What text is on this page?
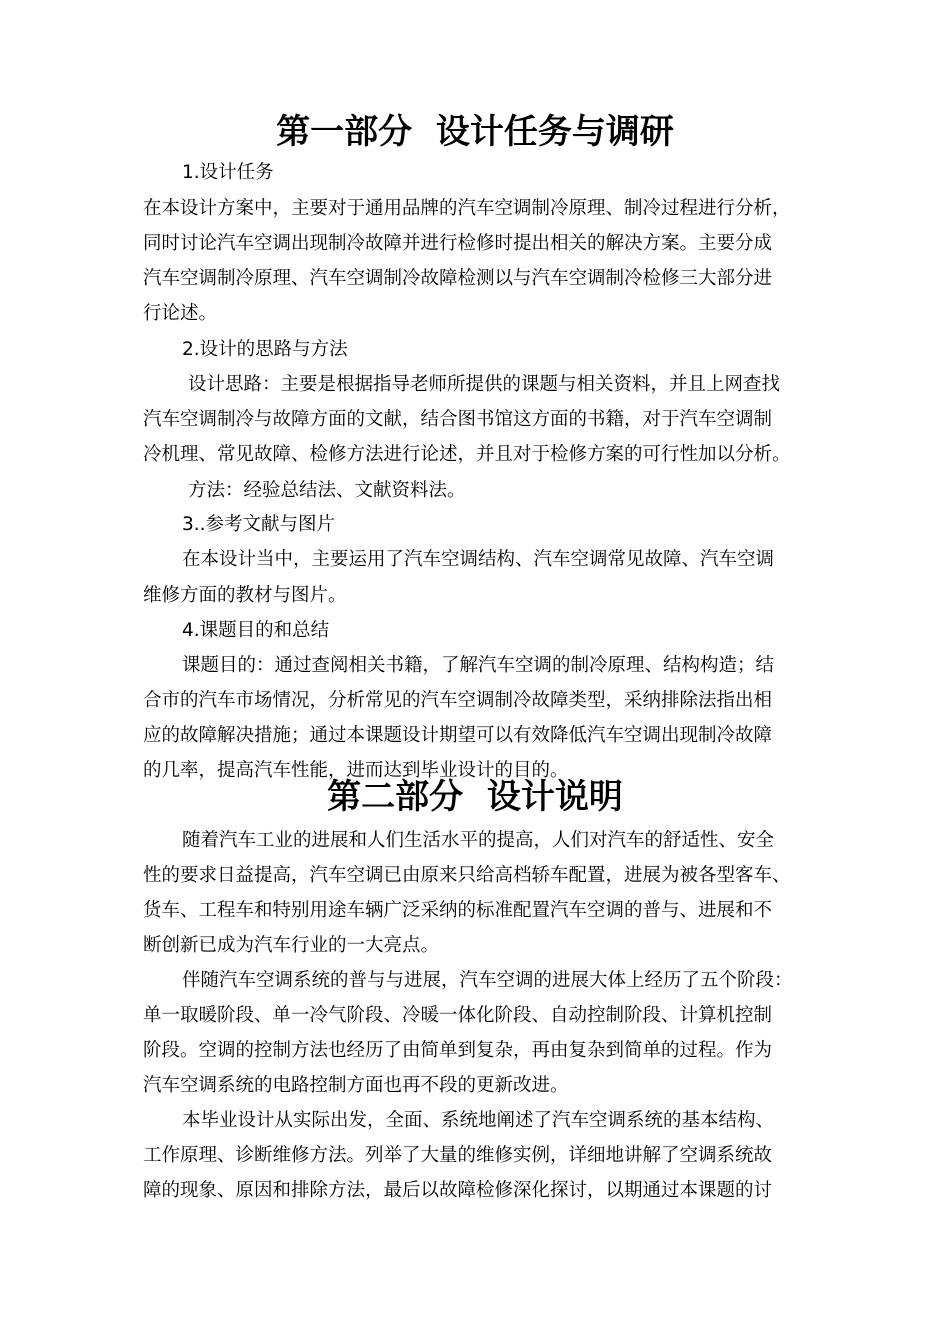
第一部分  设计任务与调研

1.设计任务

在本设计方案中，主要对于通用品牌的汽车空调制冷原理、制冷过程进行分析，

同时讨论汽车空调出现制冷故障并进行检修时提出相关的解决方案。主要分成

汽车空调制冷原理、汽车空调制冷故障检测以与汽车空调制冷检修三大部分进

行论述。

2.设计的思路与方法

设计思路：主要是根据指导老师所提供的课题与相关资料，并且上网查找

汽车空调制冷与故障方面的文献，结合图书馆这方面的书籍，对于汽车空调制

冷机理、常见故障、检修方法进行论述，并且对于检修方案的可行性加以分析。

方法：经验总结法、文献资料法。

3..参考文献与图片

在本设计当中，主要运用了汽车空调结构、汽车空调常见故障、汽车空调

维修方面的教材与图片。

4.课题目的和总结

课题目的：通过查阅相关书籍，了解汽车空调的制冷原理、结构构造；结

合市的汽车市场情况，分析常见的汽车空调制冷故障类型，采纳排除法指出相

应的故障解决措施；通过本课题设计期望可以有效降低汽车空调出现制冷故障

的几率，提高汽车性能，进而达到毕业设计的目的。

第二部分  设计说明

随着汽车工业的进展和人们生活水平的提高，人们对汽车的舒适性、安全

性的要求日益提高，汽车空调已由原来只给高档轿车配置，进展为被各型客车、

货车、工程车和特别用途车辆广泛采纳的标准配置汽车空调的普与、进展和不

断创新已成为汽车行业的一大亮点。

伴随汽车空调系统的普与与进展，汽车空调的进展大体上经历了五个阶段：

单一取暖阶段、单一冷气阶段、冷暖一体化阶段、自动控制阶段、计算机控制

阶段。空调的控制方法也经历了由简单到复杂，再由复杂到简单的过程。作为

汽车空调系统的电路控制方面也再不段的更新改进。

本毕业设计从实际出发，全面、系统地阐述了汽车空调系统的基本结构、

工作原理、诊断维修方法。列举了大量的维修实例，详细地讲解了空调系统故

障的现象、原因和排除方法，最后以故障检修深化探讨，以期通过本课题的讨
